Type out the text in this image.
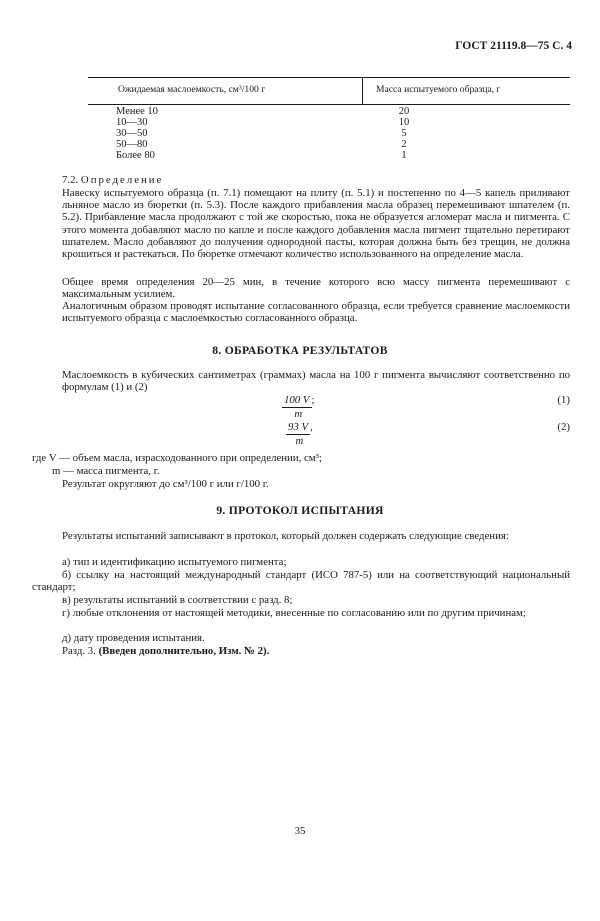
ГОСТ 21119.8—75 С. 4
Ожидаемая маслоемкость, см³/100 г	Масса испытуемого образца, г
Менее 10	20
10—30	10
30—50	5
50—80	2
Более 80	1
7.2. Определение
Навеску испытуемого образца (п. 7.1) помещают на плиту (п. 5.1) и постепенно по 4—5 капель приливают льняное масло из бюретки (п. 5.3). После каждого прибавления масла образец перемешивают шпателем (п. 5.2). Прибавление масла продолжают с той же скоростью, пока не образуется агломерат масла и пигмента. С этого момента добавляют масло по капле и после каждого добавления масла пигмент тщательно перетирают шпателем. Масло добавляют до получения однородной пасты, которая должна быть без трещин, не должна крошиться и растекаться. По бюретке отмечают количество использованного на определение масла.
Общее время определения 20—25 мин, в течение которого всю массу пигмента перемешивают с максимальным усилием.
Аналогичным образом проводят испытание согласованного образца, если требуется сравнение маслоемкости испытуемого образца с маслоемкостью согласованного образца.
8. ОБРАБОТКА РЕЗУЛЬТАТОВ
Маслоемкость в кубических сантиметрах (граммах) масла на 100 г пигмента вычисляют соответственно по формулам (1) и (2)
100 V ;
m
(1)
93 V ,
m
(2)
где V — объем масла, израсходованного при определении, см³;
m — масса пигмента, г.
Результат округляют до см³/100 г или г/100 г.
9. ПРОТОКОЛ ИСПЫТАНИЯ
Результаты испытаний записывают в протокол, который должен содержать следующие сведения:
а) тип и идентификацию испытуемого пигмента;
б) ссылку на настоящий международный стандарт (ИСО 787-5) или на соответствующий национальный стандарт;
в) результаты испытаний в соответствии с разд. 8;
г) любые отклонения от настоящей методики, внесенные по согласованию или по другим причинам;
д) дату проведения испытания.
Разд. 3. (Введен дополнительно, Изм. № 2).
35
